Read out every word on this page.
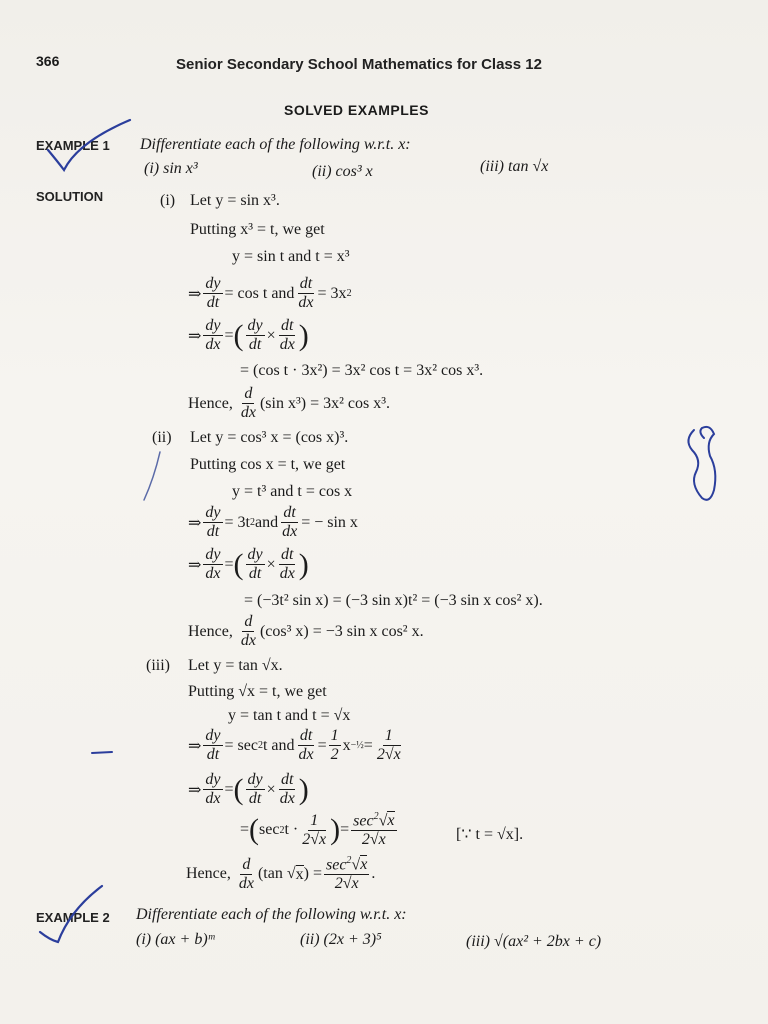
366	Senior Secondary School Mathematics for Class 12
SOLVED EXAMPLES
EXAMPLE 1 Differentiate each of the following w.r.t. x:
(i) sin x³	(ii) cos³ x	(iii) tan √x
SOLUTION	(i) Let y = sin x³.
Putting x³ = t, we get
y = sin t and t = x³
⇒ $\frac{dy}{dt} = \cos t$ and $\frac{dt}{dx} = 3x$ 2
⇒ $\frac{dy}{dx}$ = ( $\frac{dy}{dt} \times \frac{dt}{dx}$ )
= (cos t · 3x²) = 3x² cos t = 3x² cos x³.
Hence,
$\frac{d}{dx} (\sin$ x³) = 3x² cos x³.
(ii) Let y = cos³ x = (cos x)³.
Putting cos x = t, we get
y = t³ and t = cos x
⇒ $\frac{dy}{dt} = 3t$ 2 and $\frac{dt}{dx}$ = − sin x
⇒ $\frac{dy}{dx}$ = ( $\frac{dy}{dt} \times \frac{dt}{dx}$ )
= (−3t² sin x) = (−3 sin x)t² = (−3 sin x cos² x).
Hence,
$\frac{d}{dx} (\cos^3$ x) = −3 sin x cos² x.
(iii) Let y = tan √x.
Putting √x = t, we get
y = tan t and t = √x
⇒ $\frac{dy}{dt} = \sec 2$ t and $\frac{dt}{dx} = \frac{1}{2}$ x −½ = $\frac{1}{2√x}$
⇒ $\frac{dy}{dx}$ = ( $\frac{dy}{dt} \times \frac{dt}{dx}$ )
= ( sec 2 $t \cdot \frac{1}{2√x}$ ) = $\frac{\sec^2√x}{2√x}$	[∵ t = √x].
Hence,
$\frac{d}{dx} (\tan$ √ x ) = $\frac{\sec^2√x}{2√x}$ .
EXAMPLE 2 Differentiate each of the following w.r.t. x:
(i) (ax + b)ᵐ	(ii) (2x + 3)⁵	(iii) √(ax² + 2bx + c)
